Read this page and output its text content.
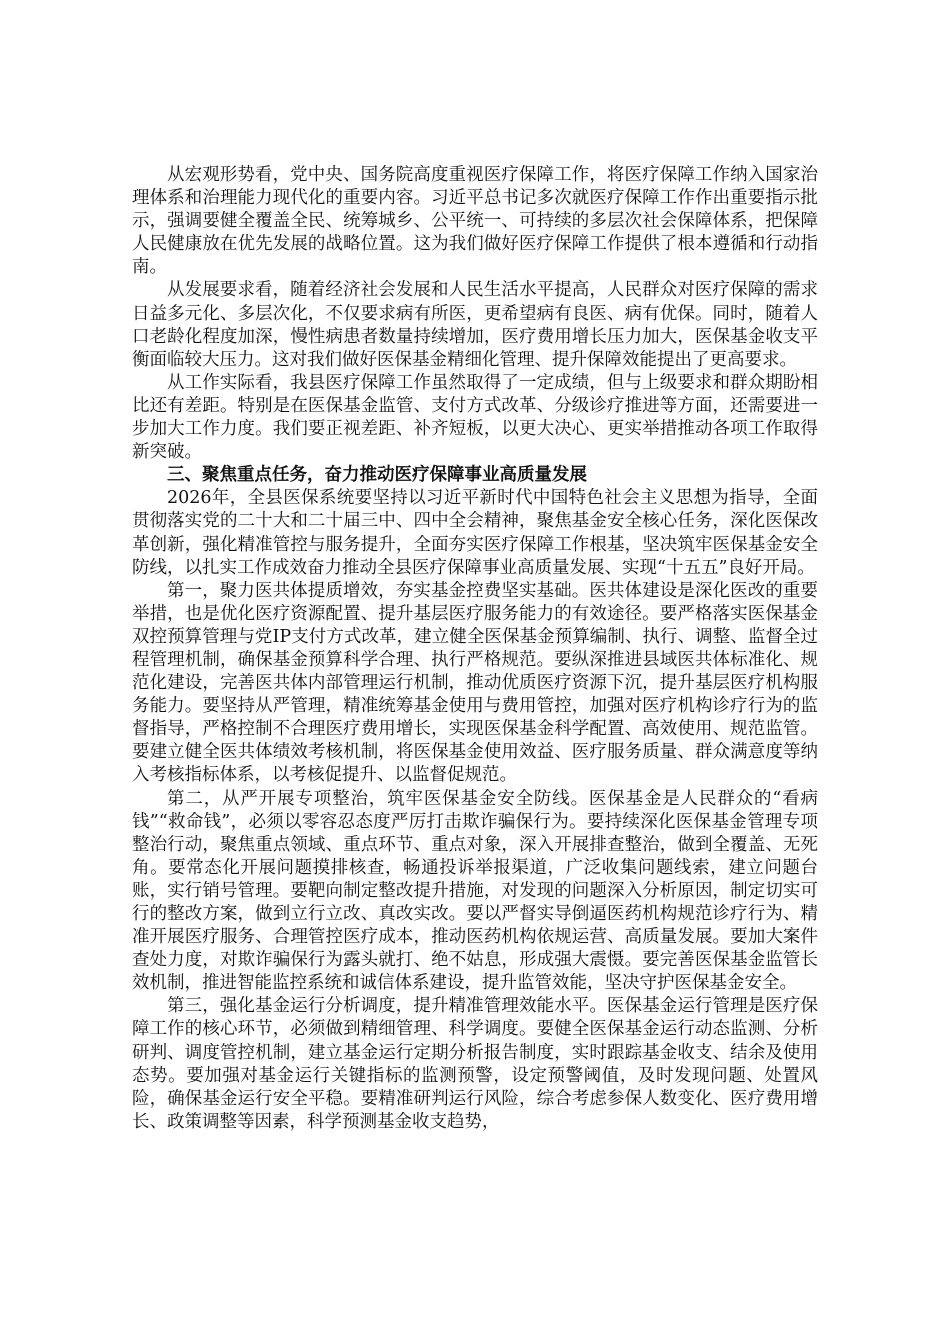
从宏观形势看，党中央、国务院高度重视医疗保障工作，将医疗保障工作纳入国家治理体系和治理能力现代化的重要内容。习近平总书记多次就医疗保障工作作出重要指示批示，强调要健全覆盖全民、统筹城乡、公平统一、可持续的多层次社会保障体系，把保障人民健康放在优先发展的战略位置。这为我们做好医疗保障工作提供了根本遵循和行动指南。

从发展要求看，随着经济社会发展和人民生活水平提高，人民群众对医疗保障的需求日益多元化、多层次化，不仅要求病有所医，更希望病有良医、病有优保。同时，随着人口老龄化程度加深，慢性病患者数量持续增加，医疗费用增长压力加大，医保基金收支平衡面临较大压力。这对我们做好医保基金精细化管理、提升保障效能提出了更高要求。

从工作实际看，我县医疗保障工作虽然取得了一定成绩，但与上级要求和群众期盼相比还有差距。特别是在医保基金监管、支付方式改革、分级诊疗推进等方面，还需要进一步加大工作力度。我们要正视差距、补齐短板，以更大决心、更实举措推动各项工作取得新突破。

三、聚焦重点任务，奋力推动医疗保障事业高质量发展

2026年，全县医保系统要坚持以习近平新时代中国特色社会主义思想为指导，全面贯彻落实党的二十大和二十届三中、四中全会精神，聚焦基金安全核心任务，深化医保改革创新，强化精准管控与服务提升，全面夯实医疗保障工作根基，坚决筑牢医保基金安全防线，以扎实工作成效奋力推动全县医疗保障事业高质量发展、实现“十五五”良好开局。

第一，聚力医共体提质增效，夯实基金控费坚实基础。医共体建设是深化医改的重要举措，也是优化医疗资源配置、提升基层医疗服务能力的有效途径。要严格落实医保基金双控预算管理与党IP支付方式改革，建立健全医保基金预算编制、执行、调整、监督全过程管理机制，确保基金预算科学合理、执行严格规范。要纵深推进县域医共体标准化、规范化建设，完善医共体内部管理运行机制，推动优质医疗资源下沉，提升基层医疗机构服务能力。要坚持从严管理，精准统筹基金使用与费用管控，加强对医疗机构诊疗行为的监督指导，严格控制不合理医疗费用增长，实现医保基金科学配置、高效使用、规范监管。要建立健全医共体绩效考核机制，将医保基金使用效益、医疗服务质量、群众满意度等纳入考核指标体系，以考核促提升、以监督促规范。

第二，从严开展专项整治，筑牢医保基金安全防线。医保基金是人民群众的“看病钱”“救命钱”，必须以零容忍态度严厉打击欺诈骗保行为。要持续深化医保基金管理专项整治行动，聚焦重点领域、重点环节、重点对象，深入开展排查整治，做到全覆盖、无死角。要常态化开展问题摸排核查，畅通投诉举报渠道，广泛收集问题线索，建立问题台账，实行销号管理。要靶向制定整改提升措施，对发现的问题深入分析原因，制定切实可行的整改方案，做到立行立改、真改实改。要以严督实导倒逼医药机构规范诊疗行为、精准开展医疗服务、合理管控医疗成本，推动医药机构依规运营、高质量发展。要加大案件查处力度，对欺诈骗保行为露头就打、绝不姑息，形成强大震慑。要完善医保基金监管长效机制，推进智能监控系统和诚信体系建设，提升监管效能，坚决守护医保基金安全。

第三，强化基金运行分析调度，提升精准管理效能水平。医保基金运行管理是医疗保障工作的核心环节，必须做到精细管理、科学调度。要健全医保基金运行动态监测、分析研判、调度管控机制，建立基金运行定期分析报告制度，实时跟踪基金收支、结余及使用态势。要加强对基金运行关键指标的监测预警，设定预警阈值，及时发现问题、处置风险，确保基金运行安全平稳。要精准研判运行风险，综合考虑参保人数变化、医疗费用增长、政策调整等因素，科学预测基金收支趋势，
